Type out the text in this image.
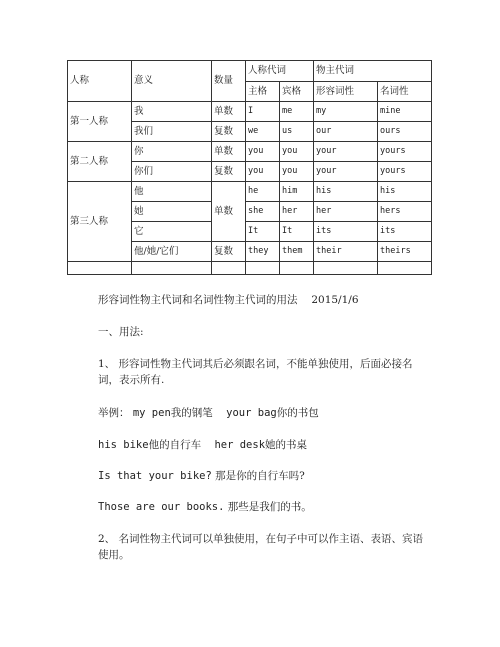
人称	意义	数量	人称代词		物主代词	
			主格	宾格	形容词性	名词性
第一人称	我	单数	I	me	my	mine
	我们	复数	we	us	our	ours
第二人称	你	单数	you	you	your	yours
	你们	复数	you	you	your	yours
第三人称	他	单数	he	him	his	his
	她		she	her	her	hers
	它		It	It	its	its
	他/她/它们	复数	they	them	their	theirs

形容词性物主代词和名词性物主代词的用法　 2015/1/6
一、用法:
1、 形容词性物主代词其后必须跟名词，不能单独使用，后面必接名词，表示所有.
举例： my pen我的钢笔 your bag你的书包
his bike他的自行车 her desk她的书桌
Is that your bike? 那是你的自行车吗?
Those are our books. 那些是我们的书。
2、 名词性物主代词可以单独使用，在句子中可以作主语、表语、宾语使用。
